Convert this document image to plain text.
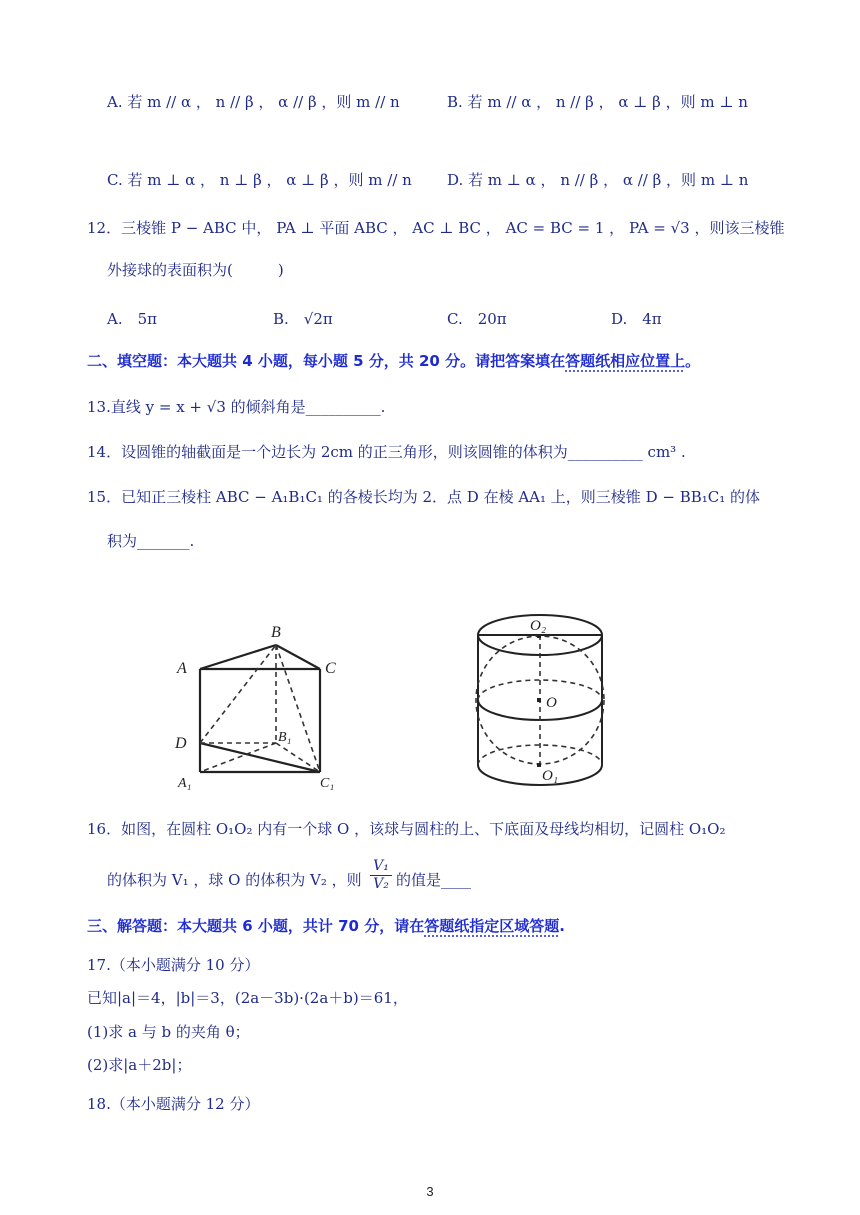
A. 若 m // α ， n // β ， α // β ，则 m // n	B. 若 m // α ， n // β ， α ⊥ β ，则 m ⊥ n
C. 若 m ⊥ α ， n ⊥ β ， α ⊥ β ，则 m // n D. 若 m ⊥ α ， n // β ， α // β ，则 m ⊥ n
12．三棱锥 P − ABC 中， PA ⊥ 平面 ABC ， AC ⊥ BC ， AC = BC = 1 ， PA = √3 ，则该三棱锥
外接球的表面积为(　　　)
A.　5π	B.　√2π	C.　20π	D.　4π
二、填空题：本大题共 4 小题，每小题 5 分，共 20 分。请把答案填在答题纸相应位置上。
13.直线 y = x + √3 的倾斜角是__________.
14．设圆锥的轴截面是一个边长为 2cm 的正三角形，则该圆锥的体积为__________ cm³ .
15．已知正三棱柱 ABC − A₁B₁C₁ 的各棱长均为 2．点 D 在棱 AA₁ 上，则三棱锥 D − BB₁C₁ 的体
积为_______.
A
B
C
D	B₁
A₁	C₁
O₂
O
O₁
16．如图，在圆柱 O₁O₂ 内有一个球 O ，该球与圆柱的上、下底面及母线均相切，记圆柱 O₁O₂
的体积为 V₁ ，球 O 的体积为 V₂ ，则 $\frac{\text{V₁}}{\text{V₂}}$ 的值是____
三、解答题：本大题共 6 小题，共计 70 分，请在答题纸指定区域答题.
17.（本小题满分 10 分）
已知|a|＝4，|b|＝3，(2a－3b)·(2a＋b)＝61，
(1)求 a 与 b 的夹角 θ；
(2)求|a＋2b|；
18.（本小题满分 12 分）
3
